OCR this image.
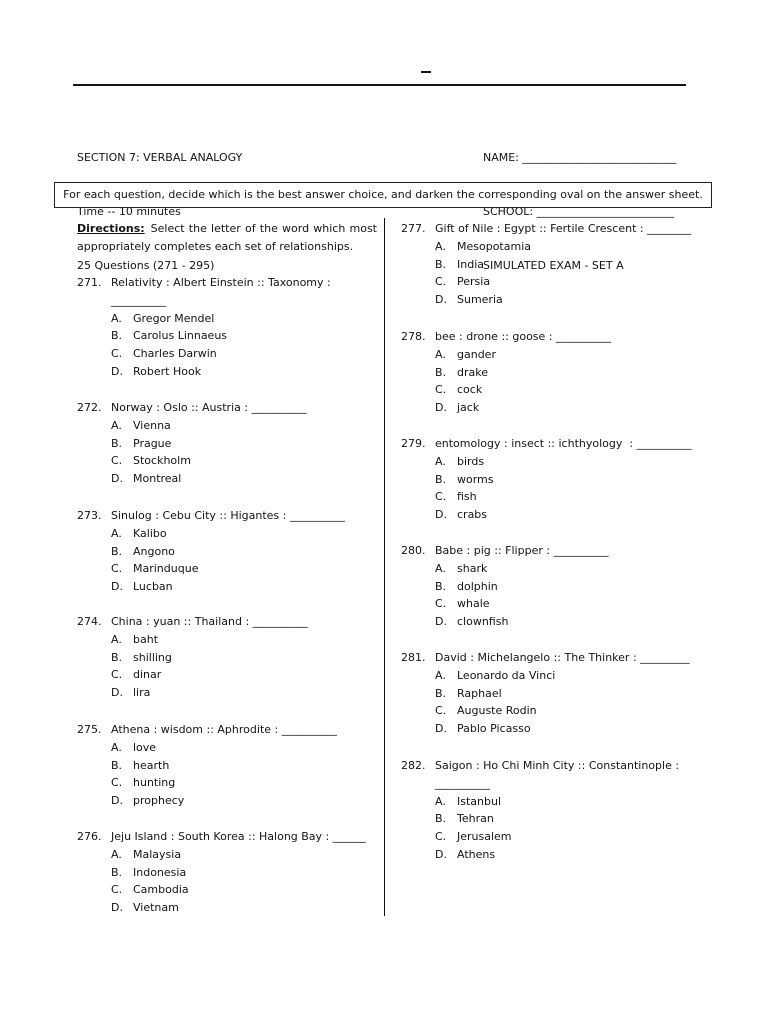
SECTION 7: VERBAL ANALOGY

Time -- 10 minutes

25 Questions (271 - 295)

NAME: ____________________________

SCHOOL: _________________________

SIMULATED EXAM - SET A

For each question, decide which is the best answer choice, and darken the corresponding oval on the answer sheet.
Directions: Select the letter of the word which most appropriately completes each set of relationships.
271. Relativity : Albert Einstein :: Taxonomy :
__________
A. Gregor Mendel
B. Carolus Linnaeus
C. Charles Darwin
D. Robert Hook
272. Norway : Oslo :: Austria : __________
A. Vienna
B. Prague
C. Stockholm
D. Montreal
273. Sinulog : Cebu City :: Higantes : __________
A. Kalibo
B. Angono
C. Marinduque
D. Lucban
274. China : yuan :: Thailand : __________
A. baht
B. shilling
C. dinar
D. lira
275. Athena : wisdom :: Aphrodite : __________
A. love
B. hearth
C. hunting
D. prophecy
276. Jeju Island : South Korea :: Halong Bay : ______
A. Malaysia
B. Indonesia
C. Cambodia
D. Vietnam
277. Gift of Nile : Egypt :: Fertile Crescent : ________
A. Mesopotamia
B. India
C. Persia
D. Sumeria
278. bee : drone :: goose : __________
A. gander
B. drake
C. cock
D. jack
279. entomology : insect :: ichthyology  : __________
A. birds
B. worms
C. fish
D. crabs
280. Babe : pig :: Flipper : __________
A. shark
B. dolphin
C. whale
D. clownfish
281. David : Michelangelo :: The Thinker : _________
A. Leonardo da Vinci
B. Raphael
C. Auguste Rodin
D. Pablo Picasso
282. Saigon : Ho Chi Minh City :: Constantinople :
__________
A. Istanbul
B. Tehran
C. Jerusalem
D. Athens
